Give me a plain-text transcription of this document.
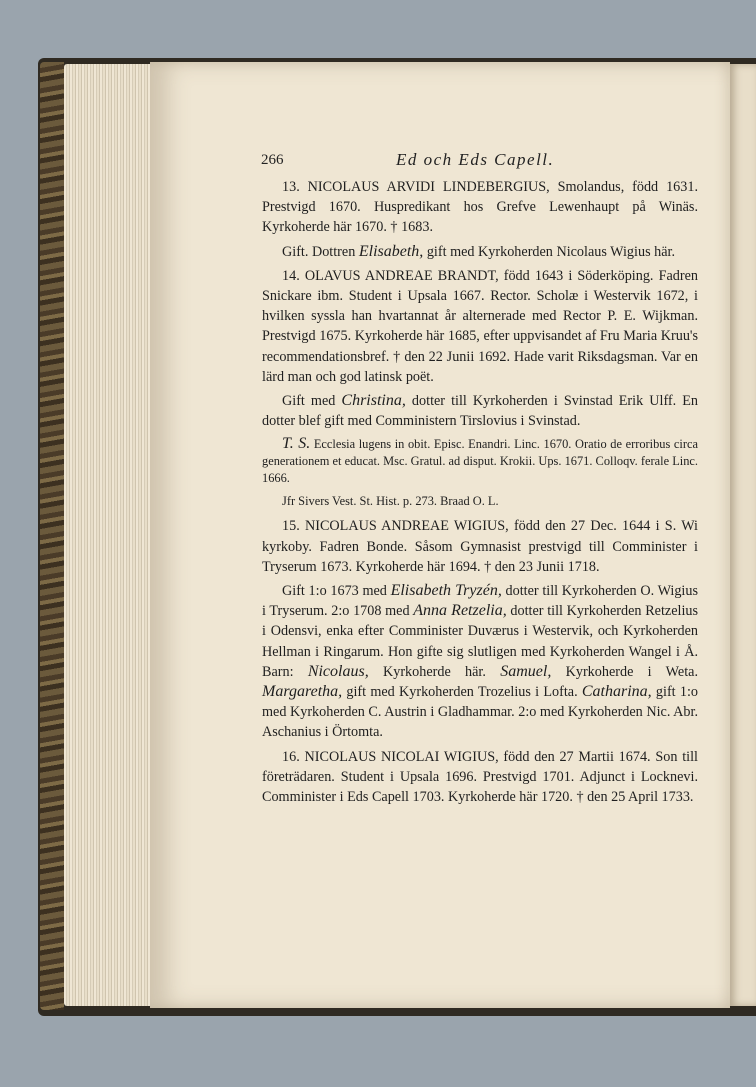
266	Ed och Eds Capell.

13. NICOLAUS ARVIDI LINDEBERGIUS, Smolandus, född 1631. Prestvigd 1670. Huspredikant hos Grefve Lewenhaupt på Winäs. Kyrkoherde här 1670. † 1683.

Gift. Dottren Elisabeth, gift med Kyrkoherden Nicolaus Wigius här.

14. OLAVUS ANDREAE BRANDT, född 1643 i Söderköping. Fadren Snickare ibm. Student i Upsala 1667. Rector. Scholæ i Westervik 1672, i hvilken syssla han hvartannat år alternerade med Rector P. E. Wijkman. Prestvigd 1675. Kyrkoherde här 1685, efter uppvisandet af Fru Maria Kruu's recommendationsbref. † den 22 Junii 1692. Hade varit Riksdagsman. Var en lärd man och god latinsk poët.

Gift med Christina, dotter till Kyrkoherden i Svinstad Erik Ulff. En dotter blef gift med Comministern Tirslovius i Svinstad.

T. S. Ecclesia lugens in obit. Episc. Enandri. Linc. 1670. Oratio de erroribus circa generationem et educat. Msc. Gratul. ad disput. Krokii. Ups. 1671. Colloqv. ferale Linc. 1666.

Jfr Sivers Vest. St. Hist. p. 273. Braad O. L.

15. NICOLAUS ANDREAE WIGIUS, född den 27 Dec. 1644 i S. Wi kyrkoby. Fadren Bonde. Såsom Gymnasist prestvigd till Comminister i Tryserum 1673. Kyrkoherde här 1694. † den 23 Junii 1718.

Gift 1:o 1673 med Elisabeth Tryzén, dotter till Kyrkoherden O. Wigius i Tryserum. 2:o 1708 med Anna Retzelia, dotter till Kyrkoherden Retzelius i Odensvi, enka efter Comminister Duværus i Westervik, och Kyrkoherden Hellman i Ringarum. Hon gifte sig slutligen med Kyrkoherden Wangel i Å. Barn: Nicolaus, Kyrkoherde här. Samuel, Kyrkoherde i Weta. Margaretha, gift med Kyrkoherden Trozelius i Lofta. Catharina, gift 1:o med Kyrkoherden C. Austrin i Gladhammar. 2:o med Kyrkoherden Nic. Abr. Aschanius i Örtomta.

16. NICOLAUS NICOLAI WIGIUS, född den 27 Martii 1674. Son till företrädaren. Student i Upsala 1696. Prestvigd 1701. Adjunct i Locknevi. Comminister i Eds Capell 1703. Kyrkoherde här 1720. † den 25 April 1733.
